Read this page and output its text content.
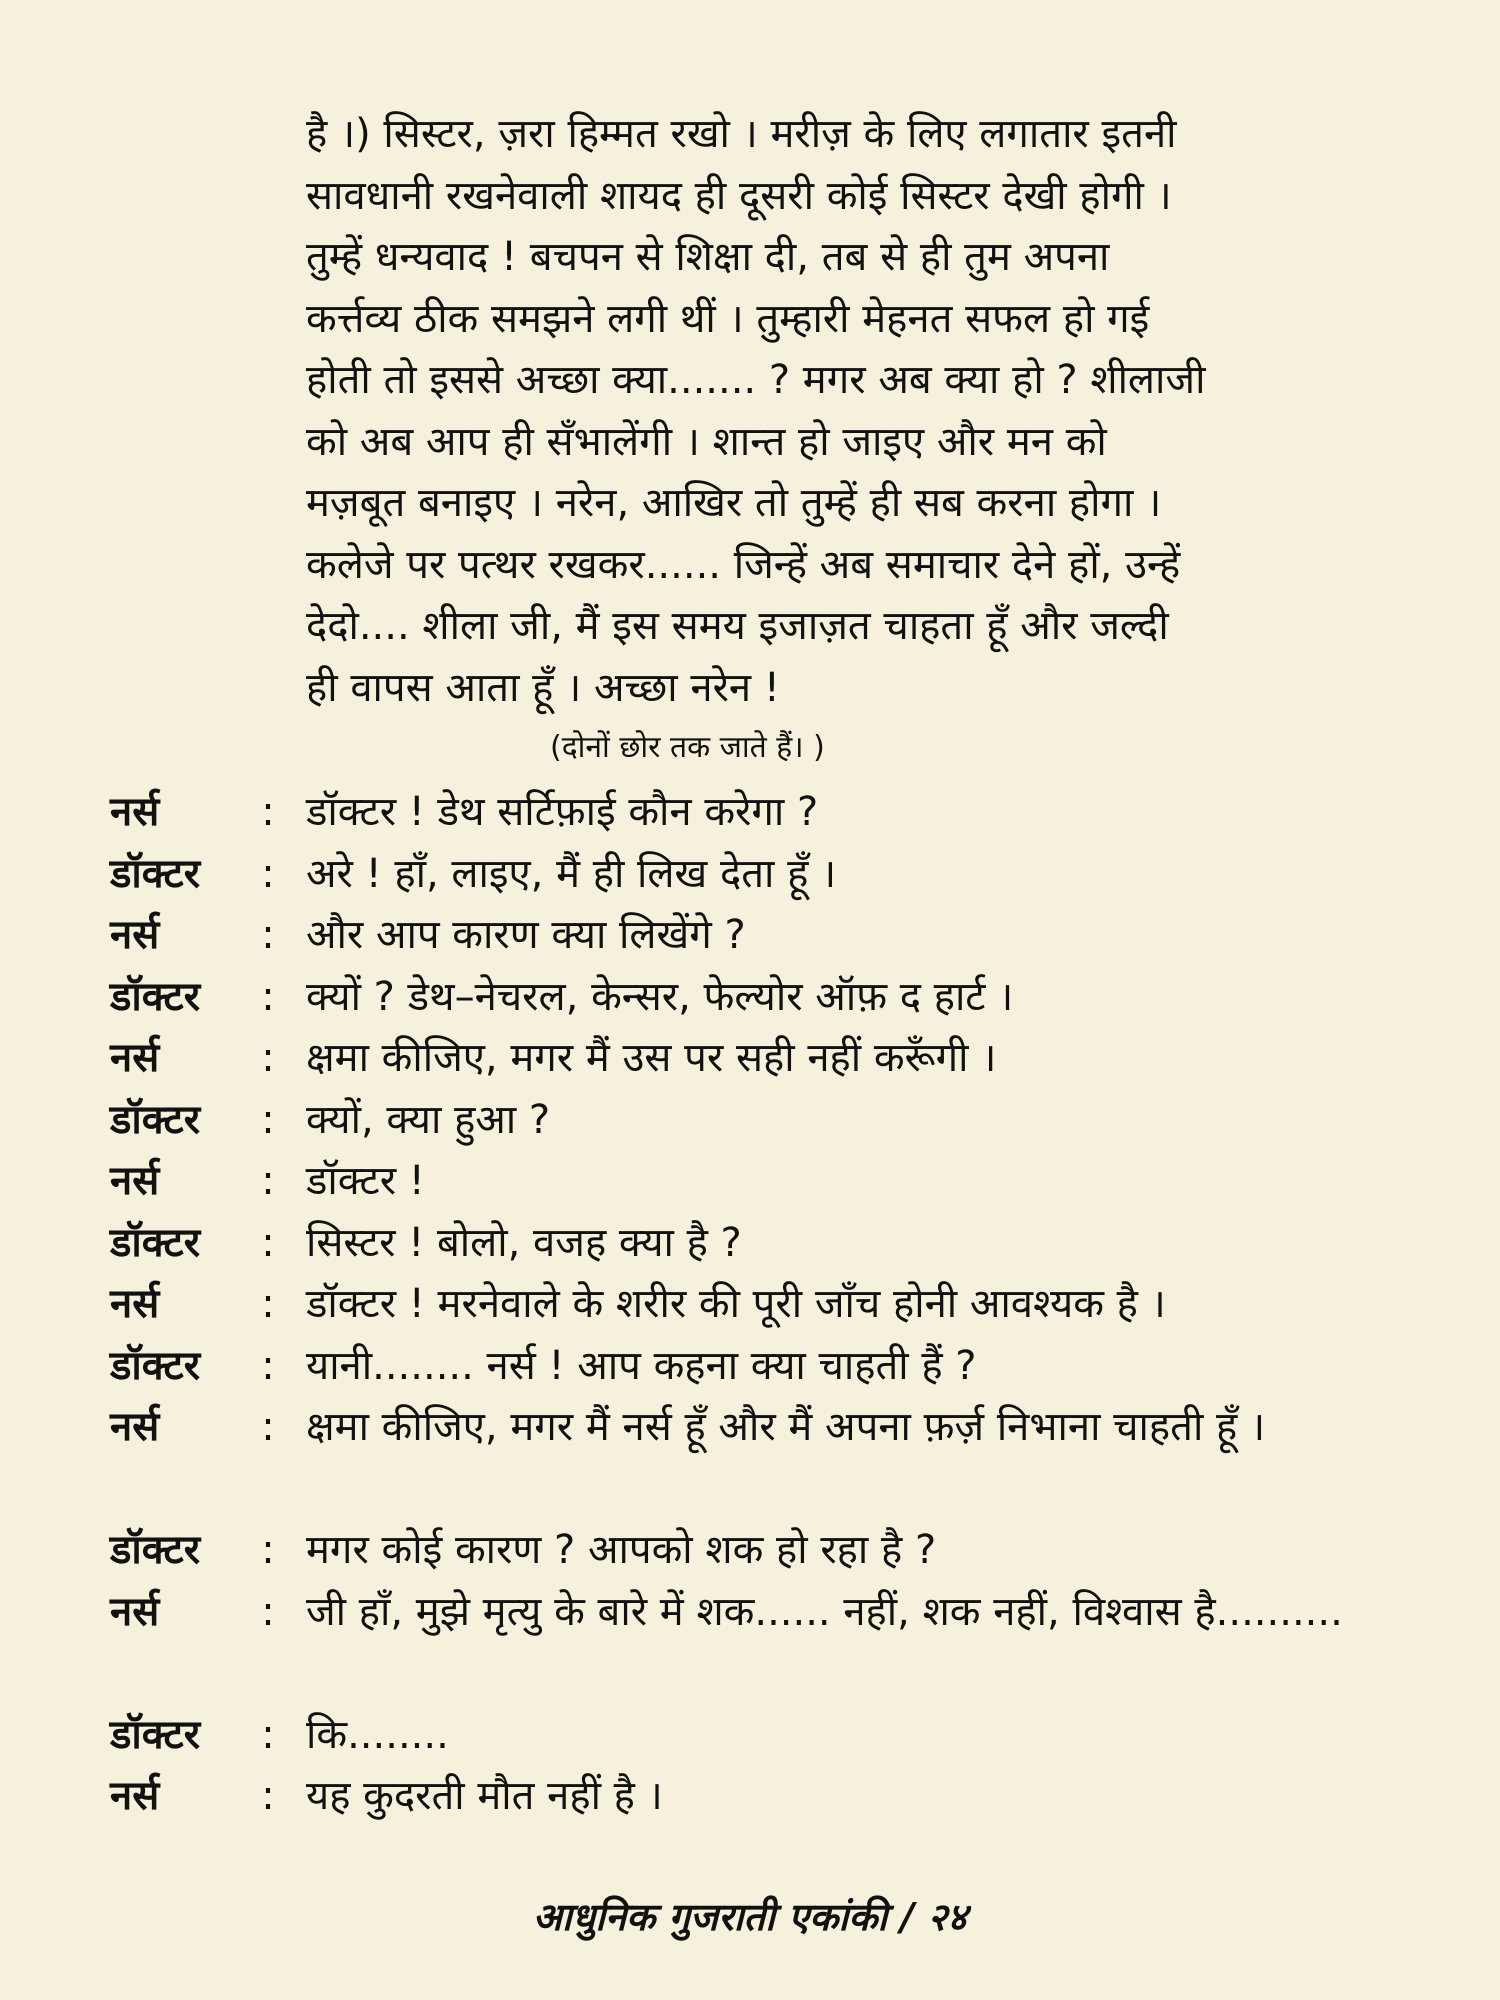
है ।) सिस्टर, ज़रा हिम्मत रखो । मरीज़ के लिए लगातार इतनी
सावधानी रखनेवाली शायद ही दूसरी कोई सिस्टर देखी होगी ।
तुम्हें धन्यवाद ! बचपन से शिक्षा दी, तब से ही तुम अपना
कर्त्तव्य ठीक समझने लगी थीं । तुम्हारी मेहनत सफल हो गई
होती तो इससे अच्छा क्या....... ? मगर अब क्या हो ? शीलाजी
को अब आप ही सँभालेंगी । शान्त हो जाइए और मन को
मज़बूत बनाइए । नरेन, आखिर तो तुम्हें ही सब करना होगा ।
कलेजे पर पत्थर रखकर...... जिन्हें अब समाचार देने हों, उन्हें
देदो.... शीला जी, मैं इस समय इजाज़त चाहता हूँ और जल्दी
ही वापस आता हूँ । अच्छा नरेन !
(दोनों छोर तक जाते हैं। )
नर्स	: डॉक्टर ! डेथ सर्टिफ़ाई कौन करेगा ?
डॉक्टर	: अरे ! हाँ, लाइए, मैं ही लिख देता हूँ ।
नर्स	: और आप कारण क्या लिखेंगे ?
डॉक्टर	: क्यों ? डेथ–नेचरल, केन्सर, फेल्योर ऑफ़ द हार्ट ।
नर्स	: क्षमा कीजिए, मगर मैं उस पर सही नहीं करूँगी ।
डॉक्टर	: क्यों, क्या हुआ ?
नर्स	: डॉक्टर !
डॉक्टर	: सिस्टर ! बोलो, वजह क्या है ?
नर्स	: डॉक्टर ! मरनेवाले के शरीर की पूरी जाँच होनी आवश्यक है ।
डॉक्टर	: यानी........ नर्स ! आप कहना क्या चाहती हैं ?
नर्स	: क्षमा कीजिए, मगर मैं नर्स हूँ और मैं अपना फ़र्ज़ निभाना चाहती हूँ ।
डॉक्टर	: मगर कोई कारण ? आपको शक हो रहा है ?
नर्स	: जी हाँ, मुझे मृत्यु के बारे में शक...... नहीं, शक नहीं, विश्वास है..........
डॉक्टर	: कि........
नर्स	: यह कुदरती मौत नहीं है ।
आधुनिक गुजराती एकांकी / २४
